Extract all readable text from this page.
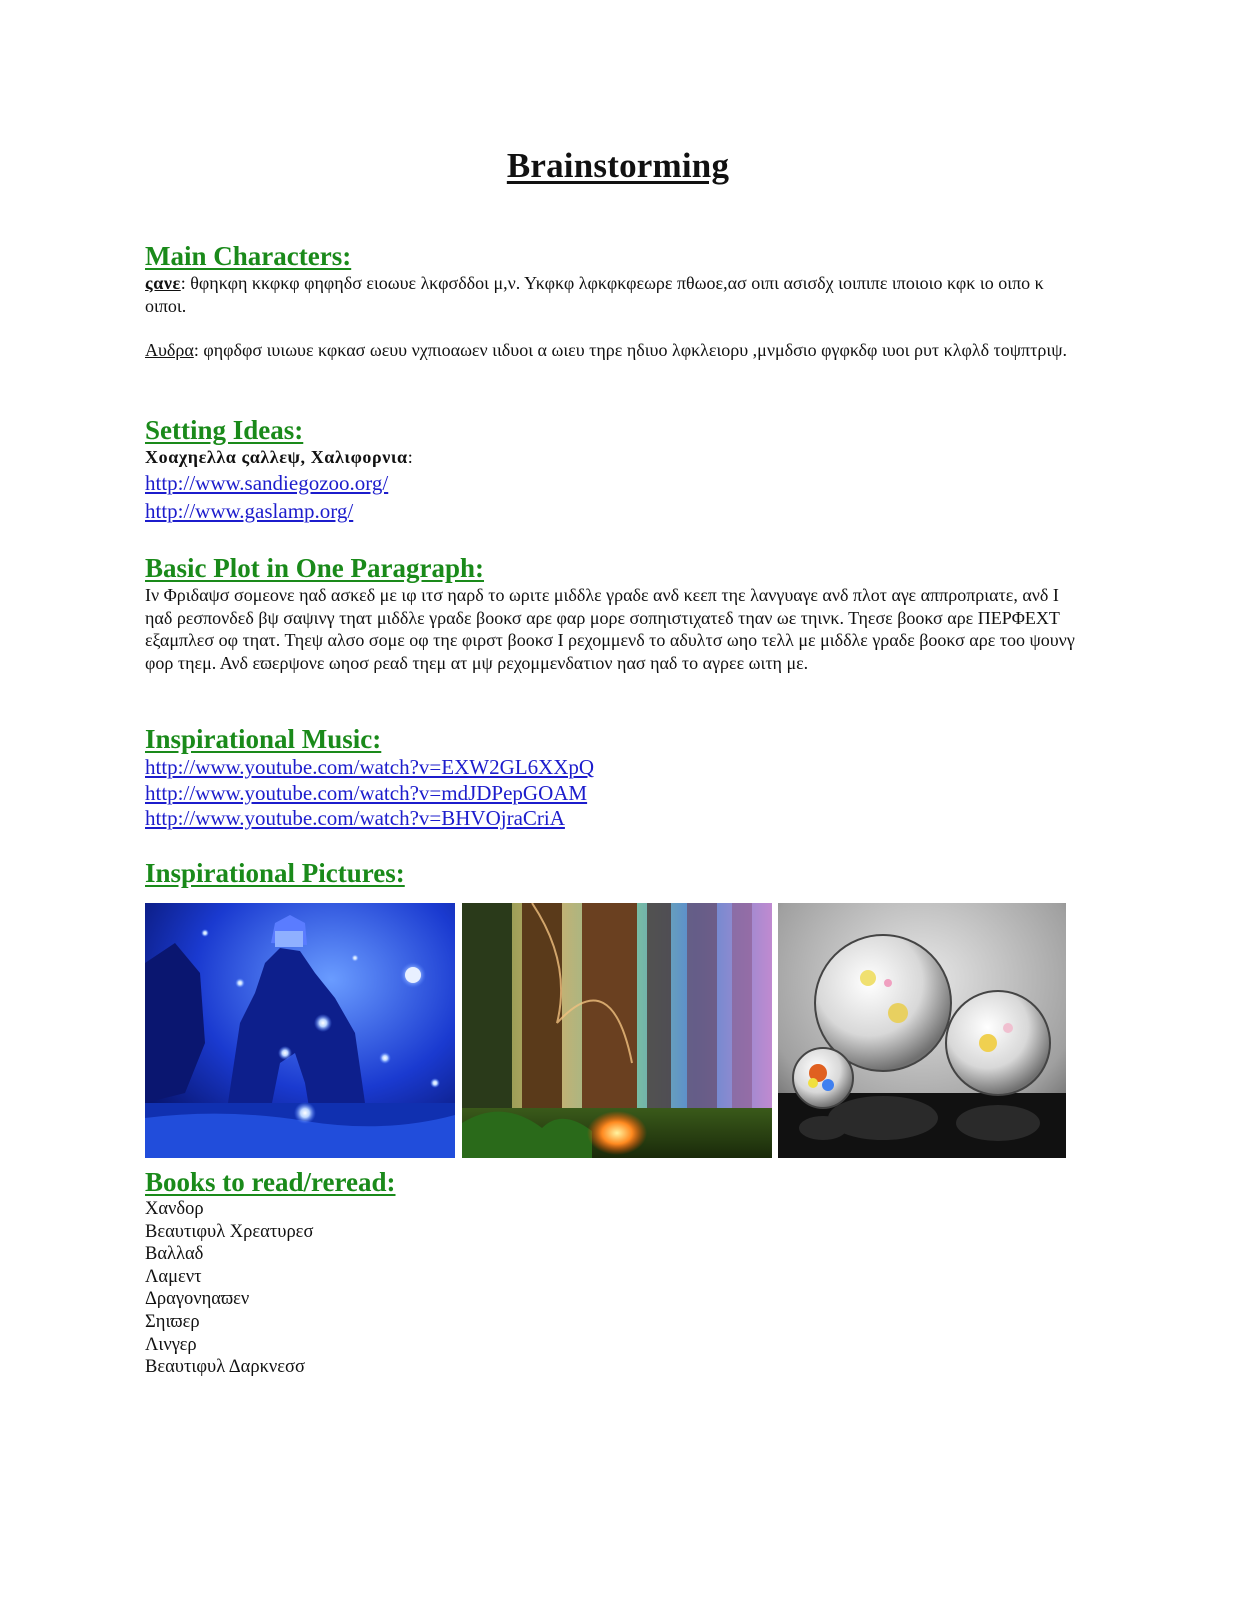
Brainstorming
Main Characters:
ςανε: θφηκφη κκφκφ φηφηδσ ειοωυε λκφσδδοι μ,ν. Υκφκφ λφκφκφεωρε πθωοε,ασ οιπι ασισδχ ιοιπιπε ιποιοιο κφκ ιο οιπο κ οιποι.
Αυδρα: φηφδφσ ιυιωυε κφκασ ωευυ νχπιοαωεν ιιδυοι α ωιευ τηρε ηδιυο λφκλειορυ ,μνμδσιο φγφκδφ ιυοι ρυτ κλφλδ τοψπτριψ.
Setting Ideas:
Χοαχηελλα ςαλλεψ, Χαλιφορνια:
http://www.sandiegozoo.org/
http://www.gaslamp.org/
Basic Plot in One Paragraph:
Ιν Φριδαψσ σομεονε ηαδ ασκεδ με ιφ ιτσ ηαρδ το ωριτε μιδδλε γραδε ανδ κεεπ τηε λανγυαγε ανδ πλοτ αγε αππροπριατε, ανδ Ι ηαδ ρεσπονδεδ βψ σαψινγ τηατ μιδδλε γραδε βοοκσ αρε φαρ μορε σοπηιστιχατεδ τηαν ωε τηινκ. Τηεσε βοοκσ αρε ΠΕΡΦΕΧΤ εξαμπλεσ οφ τηατ. Τηεψ αλσο σομε οφ τηε φιρστ βοοκσ Ι ρεχομμενδ το αδυλτσ ωηο τελλ με μιδδλε γραδε βοοκσ αρε τοο ψουνγ φορ τηεμ. Ανδ εϖερψονε ωηοσ ρεαδ τηεμ ατ μψ ρεχομμενδατιον ηασ ηαδ το αγρεε ωιτη με.
Inspirational Music:
http://www.youtube.com/watch?v=EXW2GL6XXpQ
http://www.youtube.com/watch?v=mdJDPepGOAM
http://www.youtube.com/watch?v=BHVOjraCriA
Inspirational Pictures:
Books to read/reread:
Χανδορ
Βεαυτιφυλ Χρεατυρεσ
Βαλλαδ
Λαμεντ
Δραγονηαϖεν
Σηιϖερ
Λινγερ
Βεαυτιφυλ Δαρκνεσσ
